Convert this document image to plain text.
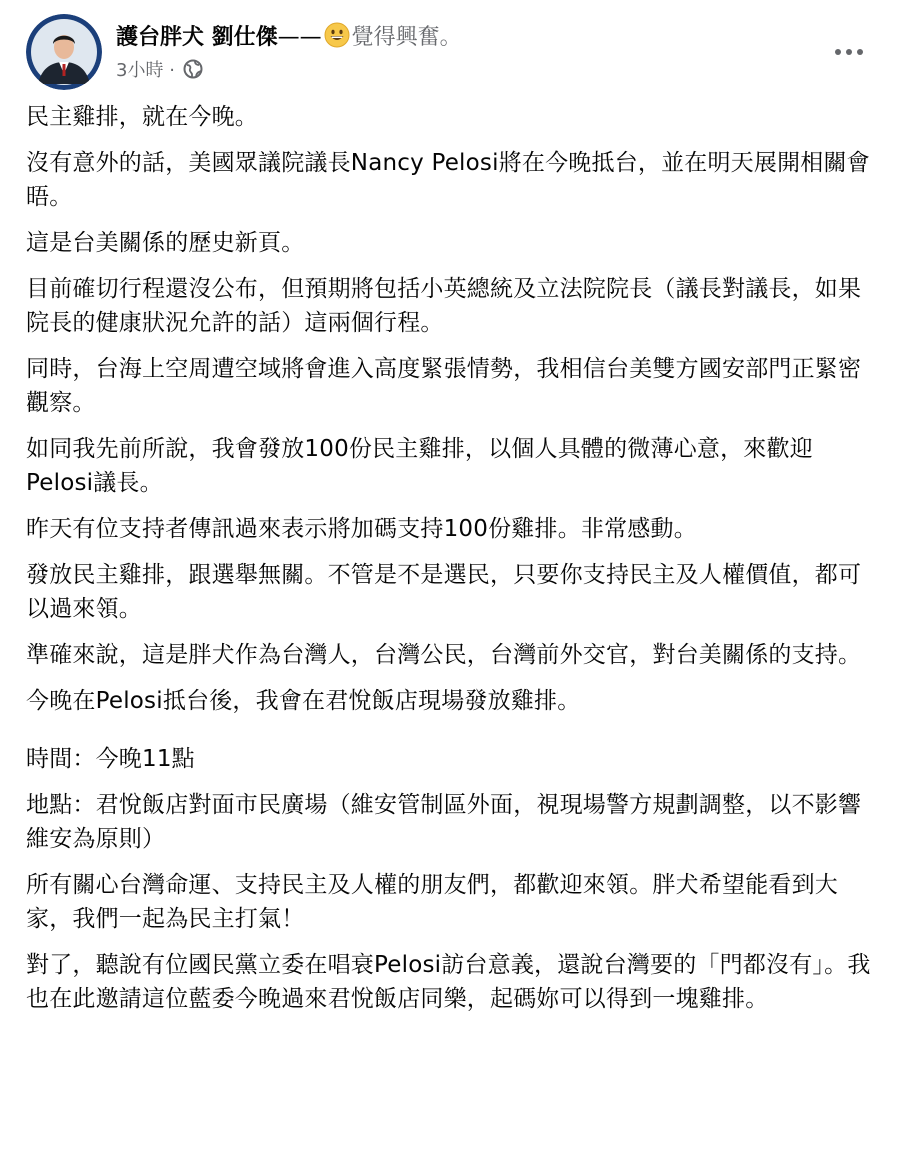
護台胖犬 劉仕傑—— 覺得興奮。
3小時 ·

民主雞排，就在今晚。

沒有意外的話，美國眾議院議長Nancy Pelosi將在今晚抵台，並在明天展開相關會晤。

這是台美關係的歷史新頁。

目前確切行程還沒公布，但預期將包括小英總統及立法院院長（議長對議長，如果院長的健康狀況允許的話）這兩個行程。

同時，台海上空周遭空域將會進入高度緊張情勢，我相信台美雙方國安部門正緊密觀察。

如同我先前所說，我會發放100份民主雞排，以個人具體的微薄心意，來歡迎Pelosi議長。

昨天有位支持者傳訊過來表示將加碼支持100份雞排。非常感動。

發放民主雞排，跟選舉無關。不管是不是選民，只要你支持民主及人權價值，都可以過來領。

準確來說，這是胖犬作為台灣人，台灣公民，台灣前外交官，對台美關係的支持。

今晚在Pelosi抵台後，我會在君悅飯店現場發放雞排。

時間：今晚11點

地點：君悅飯店對面市民廣場（維安管制區外面，視現場警方規劃調整，以不影響維安為原則）

所有關心台灣命運、支持民主及人權的朋友們，都歡迎來領。胖犬希望能看到大家，我們一起為民主打氣！

對了，聽說有位國民黨立委在唱衰Pelosi訪台意義，還說台灣要的「門都沒有」。我也在此邀請這位藍委今晚過來君悅飯店同樂，起碼妳可以得到一塊雞排。
